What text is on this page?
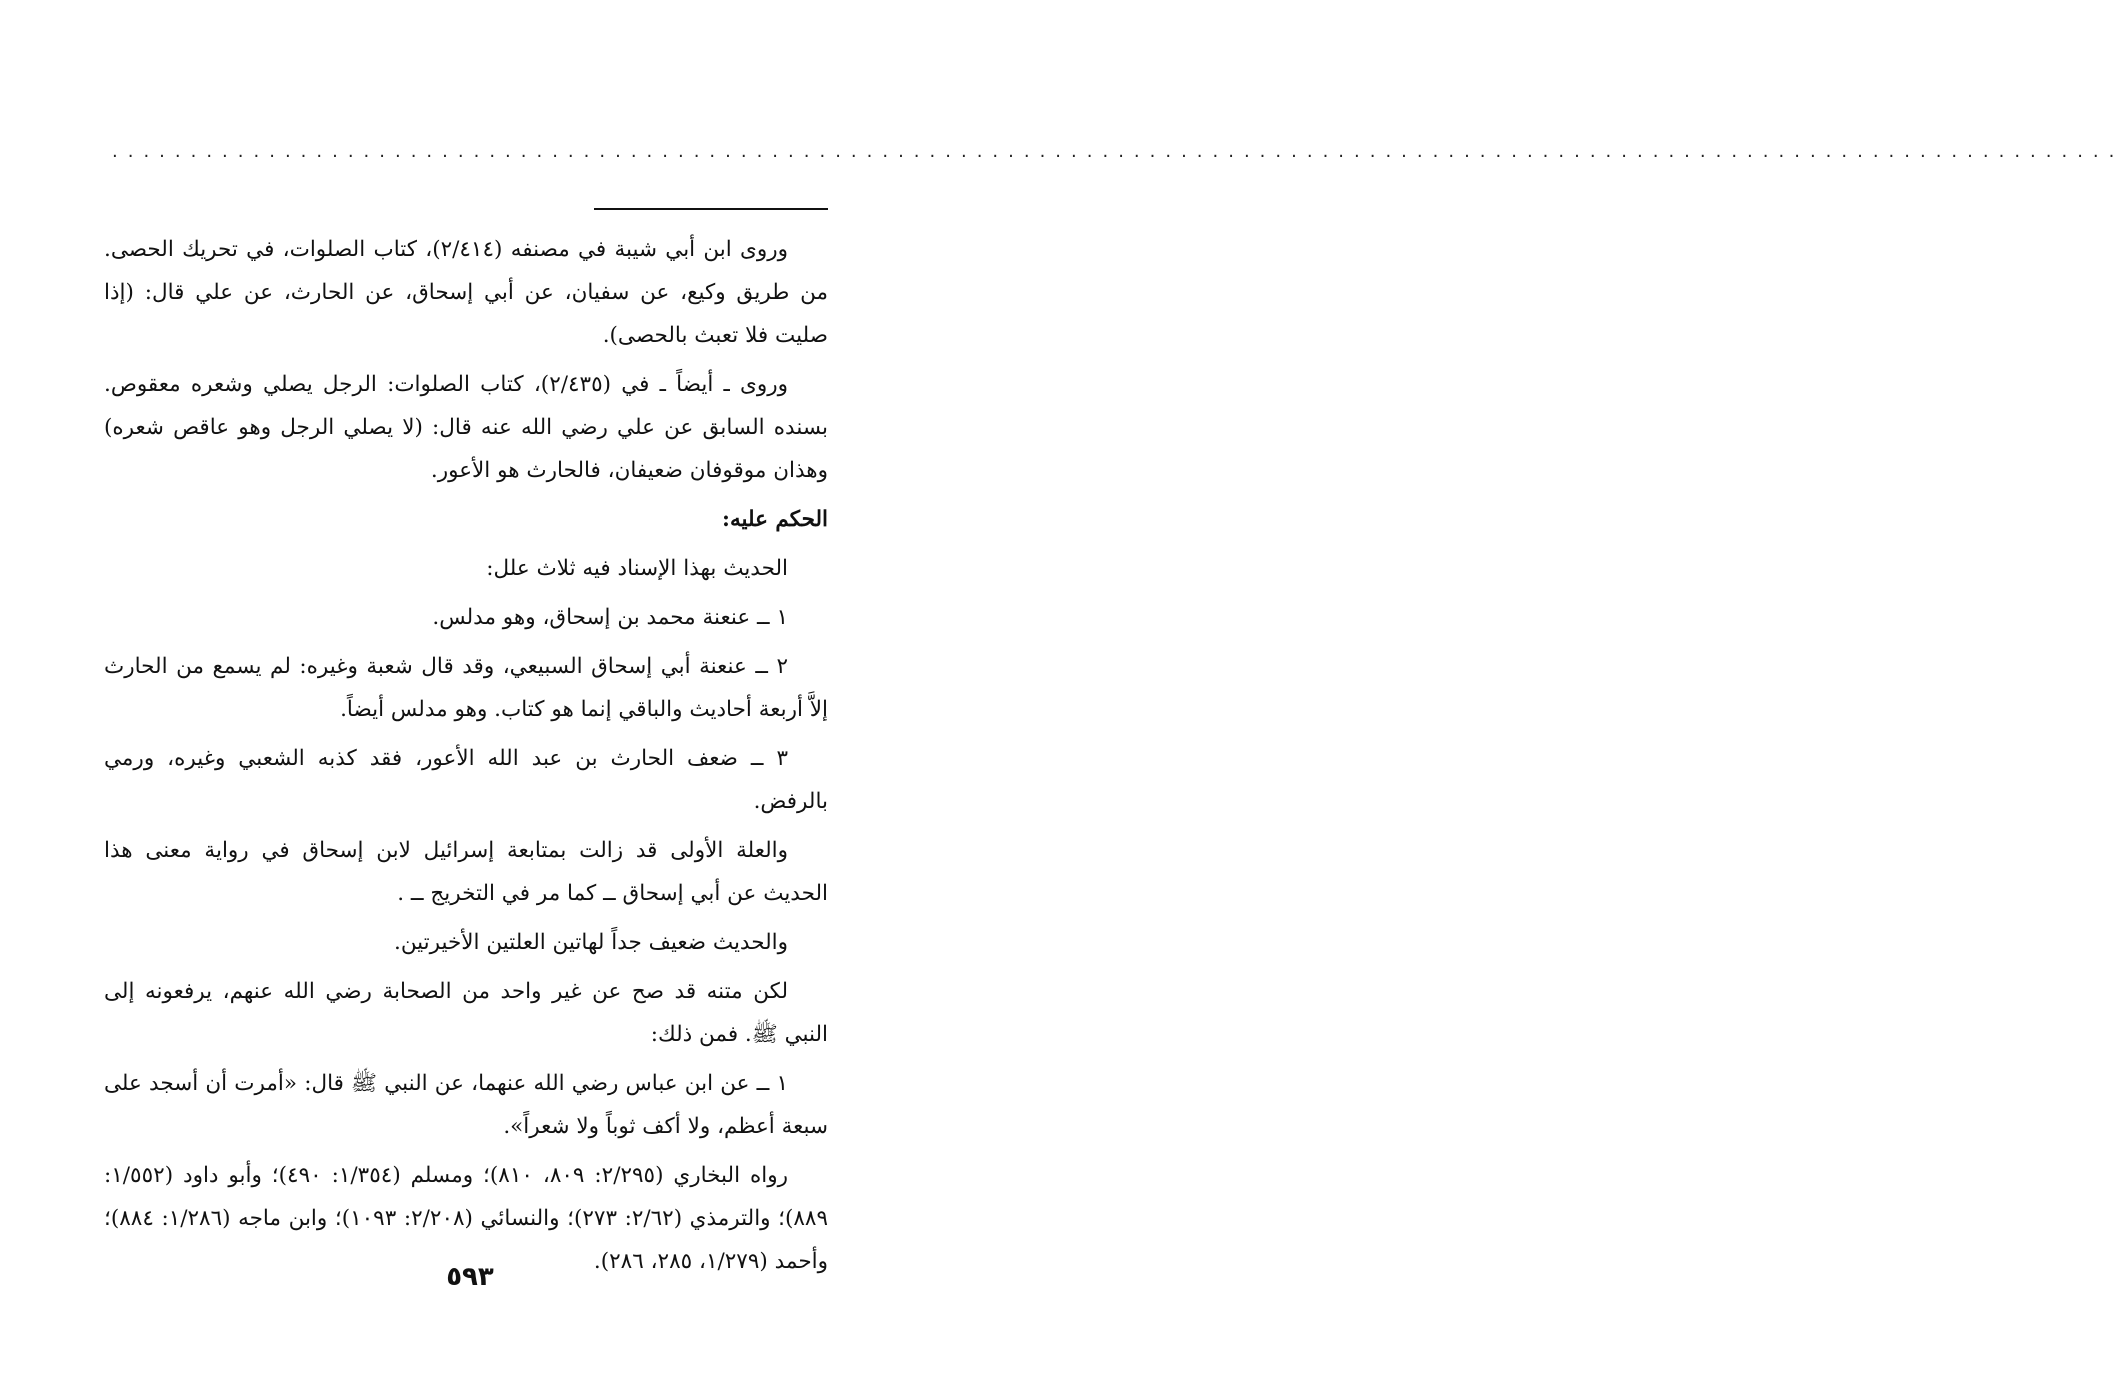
................................................................................................................................

وروى ابن أبي شيبة في مصنفه (٢/٤١٤)، كتاب الصلوات، في تحريك الحصى. من طريق وكيع، عن سفيان، عن أبي إسحاق، عن الحارث، عن علي قال: (إذا صليت فلا تعبث بالحصى).

وروى ـ أيضاً ـ في (٢/٤٣٥)، كتاب الصلوات: الرجل يصلي وشعره معقوص. بسنده السابق عن علي رضي الله عنه قال: (لا يصلي الرجل وهو عاقص شعره) وهذان موقوفان ضعيفان، فالحارث هو الأعور.

الحكم عليه:

الحديث بهذا الإسناد فيه ثلاث علل:

١ ــ عنعنة محمد بن إسحاق، وهو مدلس.

٢ ــ عنعنة أبي إسحاق السبيعي، وقد قال شعبة وغيره: لم يسمع من الحارث إلاَّ أربعة أحاديث والباقي إنما هو كتاب. وهو مدلس أيضاً.

٣ ــ ضعف الحارث بن عبد الله الأعور، فقد كذبه الشعبي وغيره، ورمي بالرفض.

والعلة الأولى قد زالت بمتابعة إسرائيل لابن إسحاق في رواية معنى هذا الحديث عن أبي إسحاق ــ كما مر في التخريج ــ .

والحديث ضعيف جداً لهاتين العلتين الأخيرتين.

لكن متنه قد صح عن غير واحد من الصحابة رضي الله عنهم، يرفعونه إلى النبي ﷺ. فمن ذلك:

١ ــ عن ابن عباس رضي الله عنهما، عن النبي ﷺ قال: «أمرت أن أسجد على سبعة أعظم، ولا أكف ثوباً ولا شعراً».

رواه البخاري (٢/٢٩٥: ٨٠٩، ٨١٠)؛ ومسلم (١/٣٥٤: ٤٩٠)؛ وأبو داود (١/٥٥٢: ٨٨٩)؛ والترمذي (٢/٦٢: ٢٧٣)؛ والنسائي (٢/٢٠٨: ١٠٩٣)؛ وابن ماجه (١/٢٨٦: ٨٨٤)؛ وأحمد (١/٢٧٩، ٢٨٥، ٢٨٦).

٥٩٣
